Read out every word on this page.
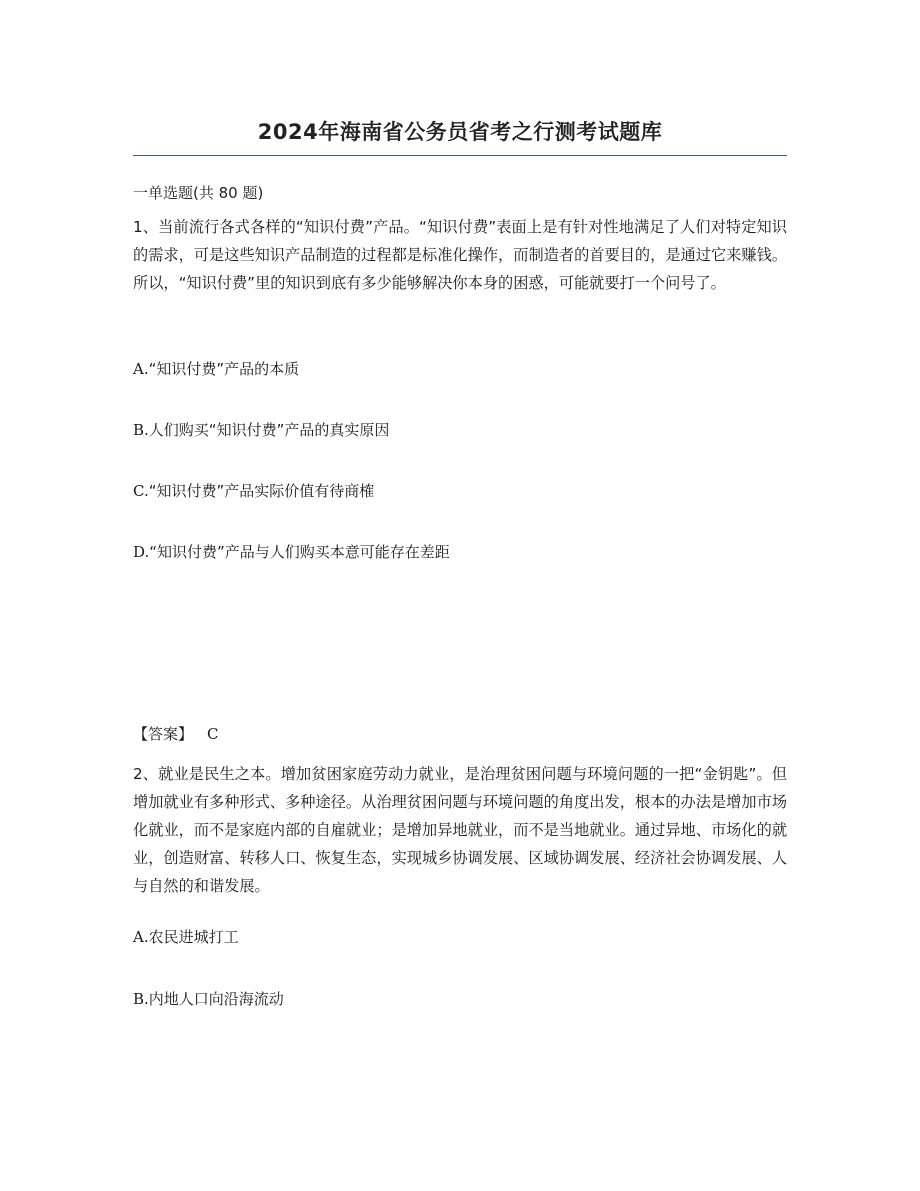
2024年海南省公务员省考之行测考试题库
一单选题(共 80 题)
1、当前流行各式各样的“知识付费”产品。“知识付费”表面上是有针对性地满足了人们对特定知识的需求，可是这些知识产品制造的过程都是标准化操作，而制造者的首要目的，是通过它来赚钱。所以，“知识付费”里的知识到底有多少能够解决你本身的困惑，可能就要打一个问号了。
A.“知识付费”产品的本质
B.人们购买“知识付费”产品的真实原因
C.“知识付费”产品实际价值有待商榷
D.“知识付费”产品与人们购买本意可能存在差距
【答案】 C
2、就业是民生之本。增加贫困家庭劳动力就业，是治理贫困问题与环境问题的一把“金钥匙”。但增加就业有多种形式、多种途径。从治理贫困问题与环境问题的角度出发，根本的办法是增加市场化就业，而不是家庭内部的自雇就业；是增加异地就业，而不是当地就业。通过异地、市场化的就业，创造财富、转移人口、恢复生态，实现城乡协调发展、区域协调发展、经济社会协调发展、人与自然的和谐发展。
A.农民进城打工
B.内地人口向沿海流动
